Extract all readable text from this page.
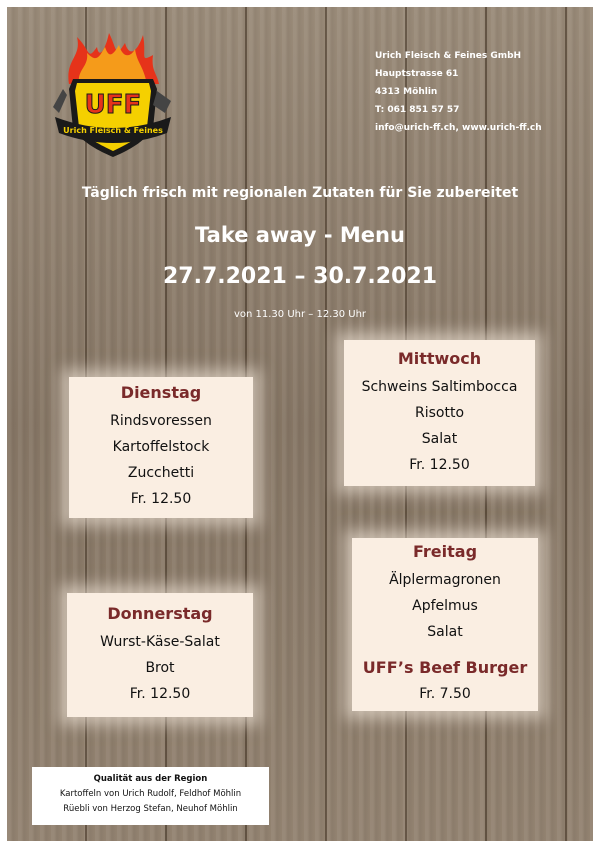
UFF
Urich Fleisch & Feines
Urich Fleisch & Feines GmbH
Hauptstrasse 61
4313 Möhlin
T: 061 851 57 57
info@urich-ff.ch, www.urich-ff.ch
Täglich frisch mit regionalen Zutaten für Sie zubereitet
Take away - Menu
27.7.2021 – 30.7.2021
von 11.30 Uhr – 12.30 Uhr
Dienstag
Rindsvoressen
Kartoffelstock
Zucchetti
Fr. 12.50
Mittwoch
Schweins Saltimbocca
Risotto
Salat
Fr. 12.50
Donnerstag
Wurst-Käse-Salat
Brot
Fr. 12.50
Freitag
Älplermagronen
Apfelmus
Salat
UFF’s Beef Burger
Fr. 7.50
Qualität aus der Region
Kartoffeln von Urich Rudolf, Feldhof Möhlin
Rüebli von Herzog Stefan, Neuhof Möhlin
